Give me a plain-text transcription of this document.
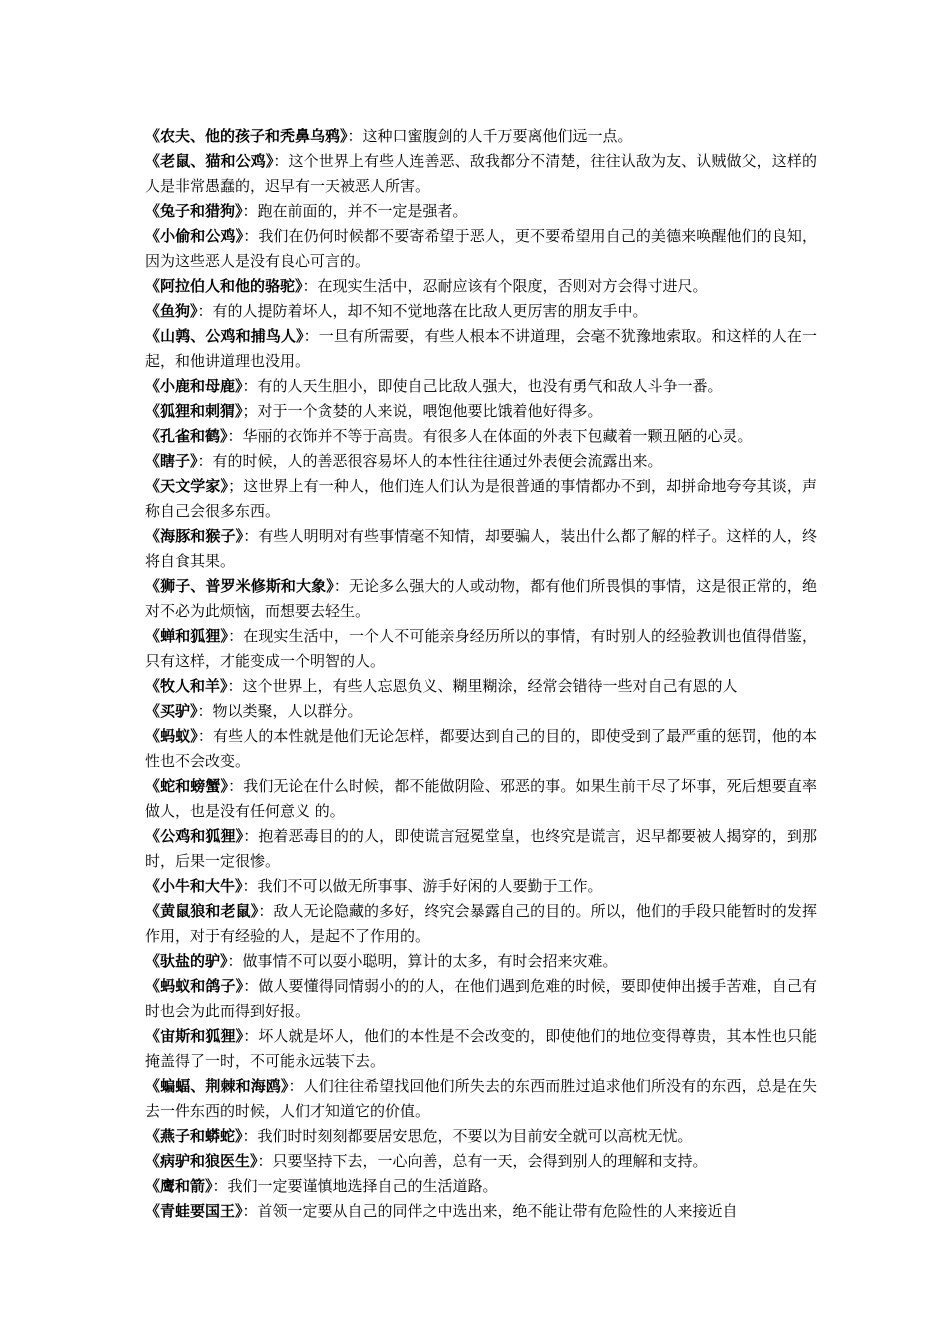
《农夫、他的孩子和秃鼻乌鸦》：这种口蜜腹剑的人千万要离他们远一点。

《老鼠、猫和公鸡》：这个世界上有些人连善恶、敌我都分不清楚，往往认敌为友、认贼做父，这样的人是非常愚蠢的，迟早有一天被恶人所害。

《兔子和猎狗》：跑在前面的，并不一定是强者。

《小偷和公鸡》：我们在仍何时候都不要寄希望于恶人，更不要希望用自己的美德来唤醒他们的良知，因为这些恶人是没有良心可言的。

《阿拉伯人和他的骆驼》：在现实生活中，忍耐应该有个限度，否则对方会得寸进尺。

《鱼狗》：有的人提防着坏人，却不知不觉地落在比敌人更厉害的朋友手中。

《山鹑、公鸡和捕鸟人》：一旦有所需要，有些人根本不讲道理，会毫不犹豫地索取。和这样的人在一起，和他讲道理也没用。

《小鹿和母鹿》：有的人天生胆小，即使自己比敌人强大，也没有勇气和敌人斗争一番。

《狐狸和刺猬》；对于一个贪婪的人来说，喂饱他要比饿着他好得多。

《孔雀和鹤》：华丽的衣饰并不等于高贵。有很多人在体面的外表下包藏着一颗丑陋的心灵。

《瞎子》：有的时候，人的善恶很容易坏人的本性往往通过外表便会流露出来。

《天文学家》；这世界上有一种人，他们连人们认为是很普通的事情都办不到，却拼命地夸夸其谈，声称自己会很多东西。

《海豚和猴子》：有些人明明对有些事情毫不知情，却要骗人，装出什么都了解的样子。这样的人，终将自食其果。

《狮子、普罗米修斯和大象》：无论多么强大的人或动物，都有他们所畏惧的事情，这是很正常的，绝对不必为此烦恼，而想要去轻生。

《蝉和狐狸》：在现实生活中，一个人不可能亲身经历所以的事情，有时别人的经验教训也值得借鉴，只有这样，才能变成一个明智的人。

《牧人和羊》：这个世界上，有些人忘恩负义、糊里糊涂，经常会错待一些对自己有恩的人

《买驴》：物以类聚，人以群分。

《蚂蚁》：有些人的本性就是他们无论怎样，都要达到自己的目的，即使受到了最严重的惩罚，他的本性也不会改变。

《蛇和螃蟹》：我们无论在什么时候，都不能做阴险、邪恶的事。如果生前干尽了坏事，死后想要直率做人，也是没有任何意义 的。

《公鸡和狐狸》：抱着恶毒目的的人，即使谎言冠冕堂皇，也终究是谎言，迟早都要被人揭穿的，到那时，后果一定很惨。

《小牛和大牛》：我们不可以做无所事事、游手好闲的人要勤于工作。

《黄鼠狼和老鼠》：敌人无论隐藏的多好，终究会暴露自己的目的。所以，他们的手段只能暂时的发挥作用，对于有经验的人，是起不了作用的。

《驮盐的驴》：做事情不可以耍小聪明，算计的太多，有时会招来灾难。

《蚂蚁和鸽子》：做人要懂得同情弱小的的人，在他们遇到危难的时候，要即使伸出援手苦难，自己有时也会为此而得到好报。

《宙斯和狐狸》：坏人就是坏人，他们的本性是不会改变的，即使他们的地位变得尊贵，其本性也只能掩盖得了一时，不可能永远装下去。

《蝙蝠、荆棘和海鸥》：人们往往希望找回他们所失去的东西而胜过追求他们所没有的东西，总是在失去一件东西的时候，人们才知道它的价值。

《燕子和蟒蛇》：我们时时刻刻都要居安思危，不要以为目前安全就可以高枕无忧。

《病驴和狼医生》：只要坚持下去，一心向善，总有一天，会得到别人的理解和支持。

《鹰和箭》：我们一定要谨慎地选择自己的生活道路。

《青蛙要国王》：首领一定要从自己的同伴之中选出来，绝不能让带有危险性的人来接近自
